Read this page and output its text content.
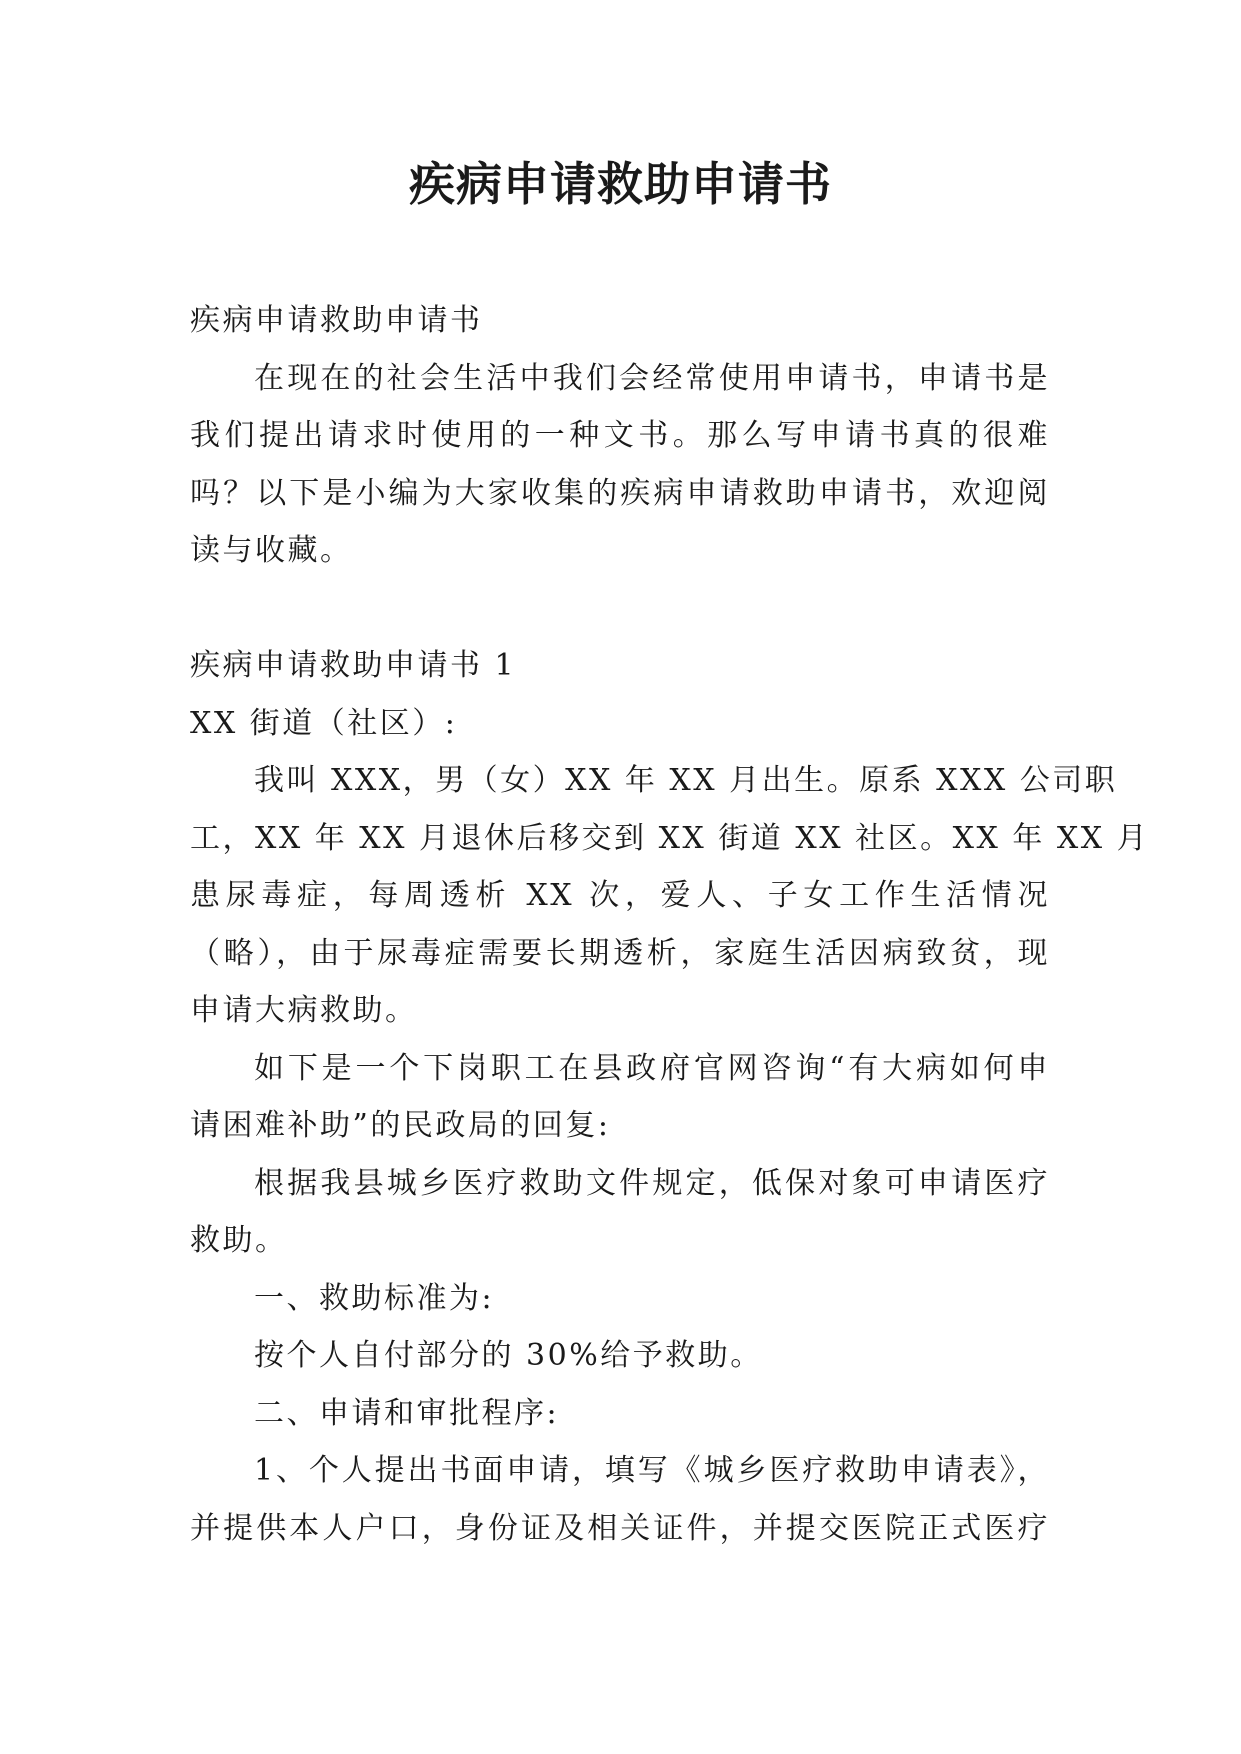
疾病申请救助申请书
疾病申请救助申请书
在现在的社会生活中我们会经常使用申请书，申请书是
我们提出请求时使用的一种文书。那么写申请书真的很难
吗？以下是小编为大家收集的疾病申请救助申请书，欢迎阅
读与收藏。
疾病申请救助申请书 1
XX 街道（社区）:
我叫 XXX，男（女）XX 年 XX 月出生。原系 XXX 公司职
工，XX 年 XX 月退休后移交到 XX 街道 XX 社区。XX 年 XX 月
患尿毒症，每周透析 XX 次，爱人、子女工作生活情况
（略），由于尿毒症需要长期透析，家庭生活因病致贫，现
申请大病救助。
如下是一个下岗职工在县政府官网咨询“有大病如何申
请困难补助”的民政局的回复:
根据我县城乡医疗救助文件规定，低保对象可申请医疗
救助。
一、救助标准为:
按个人自付部分的 30%给予救助。
二、申请和审批程序:
1、个人提出书面申请，填写《城乡医疗救助申请表》，
并提供本人户口，身份证及相关证件，并提交医院正式医疗
